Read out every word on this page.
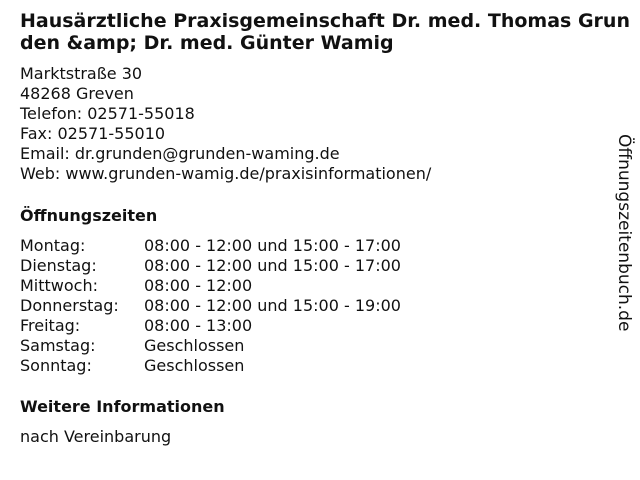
Hausärztliche Praxisgemeinschaft Dr. med. Thomas Grunden &amp; Dr. med. Günter Wamig
Marktstraße 30
48268 Greven
Telefon: 02571-55018
Fax: 02571-55010
Email: dr.grunden@grunden-waming.de
Web: www.grunden-wamig.de/praxisinformationen/
Öffnungszeiten
Montag:	08:00 - 12:00 und 15:00 - 17:00
Dienstag:	08:00 - 12:00 und 15:00 - 17:00
Mittwoch:	08:00 - 12:00
Donnerstag:	08:00 - 12:00 und 15:00 - 19:00
Freitag:	08:00 - 13:00
Samstag:	Geschlossen
Sonntag:	Geschlossen
Weitere Informationen
nach Vereinbarung
Öffnungszeitenbuch.de
